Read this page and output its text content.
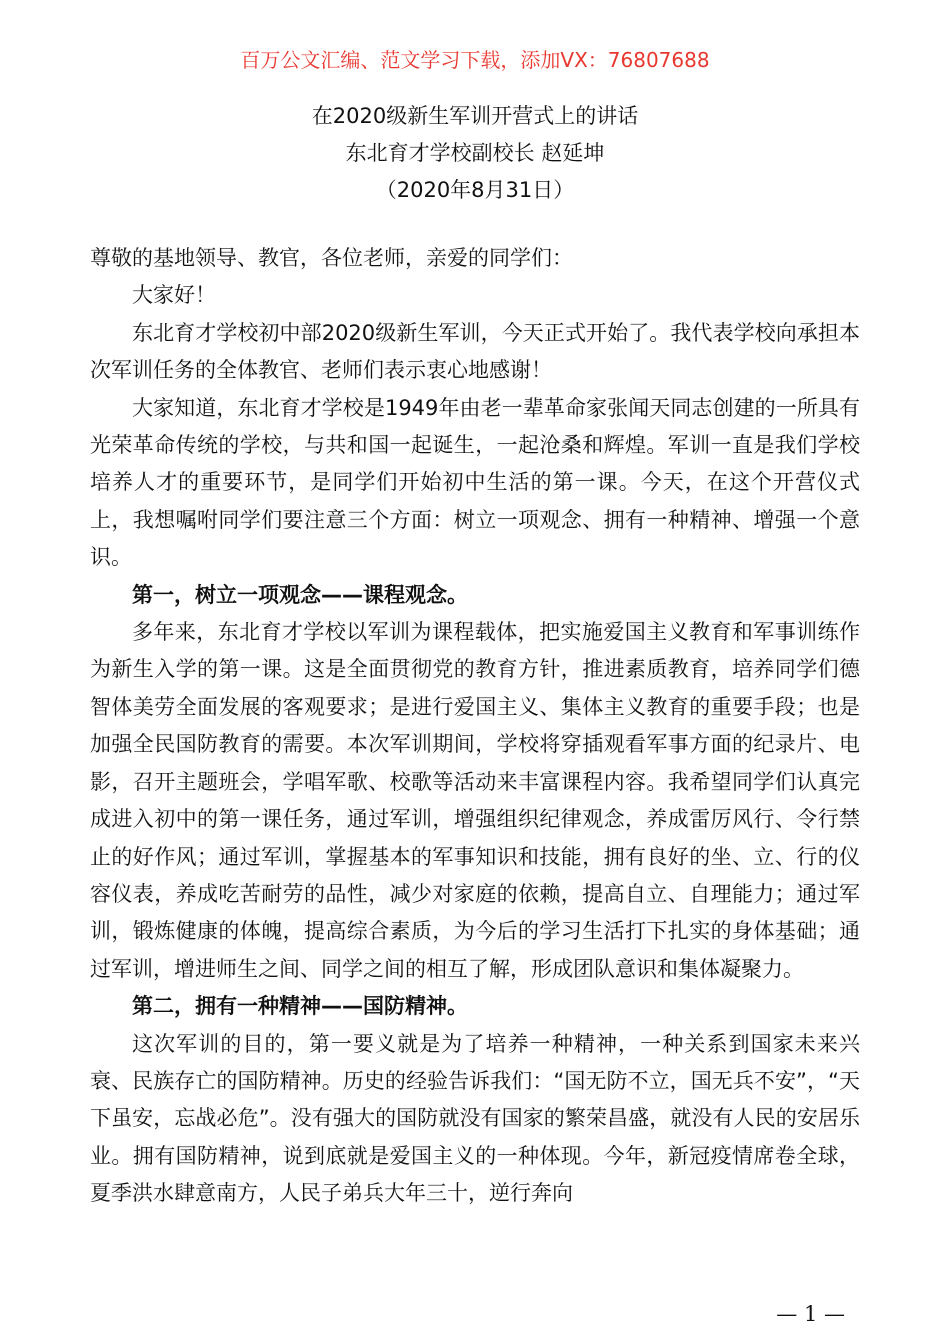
百万公文汇编、范文学习下载，添加VX：76807688
在2020级新生军训开营式上的讲话
东北育才学校副校长 赵延坤
（2020年8月31日）

尊敬的基地领导、教官，各位老师，亲爱的同学们：

大家好！

东北育才学校初中部2020级新生军训，今天正式开始了。我代表学校向承担本次军训任务的全体教官、老师们表示衷心地感谢！

大家知道，东北育才学校是1949年由老一辈革命家张闻天同志创建的一所具有光荣革命传统的学校，与共和国一起诞生，一起沧桑和辉煌。军训一直是我们学校培养人才的重要环节，是同学们开始初中生活的第一课。今天，在这个开营仪式上，我想嘱咐同学们要注意三个方面：树立一项观念、拥有一种精神、增强一个意识。

第一，树立一项观念——课程观念。

多年来，东北育才学校以军训为课程载体，把实施爱国主义教育和军事训练作为新生入学的第一课。这是全面贯彻党的教育方针，推进素质教育，培养同学们德智体美劳全面发展的客观要求；是进行爱国主义、集体主义教育的重要手段；也是加强全民国防教育的需要。本次军训期间，学校将穿插观看军事方面的纪录片、电影，召开主题班会，学唱军歌、校歌等活动来丰富课程内容。我希望同学们认真完成进入初中的第一课任务，通过军训，增强组织纪律观念，养成雷厉风行、令行禁止的好作风；通过军训，掌握基本的军事知识和技能，拥有良好的坐、立、行的仪容仪表，养成吃苦耐劳的品性，减少对家庭的依赖，提高自立、自理能力；通过军训，锻炼健康的体魄，提高综合素质，为今后的学习生活打下扎实的身体基础；通过军训，增进师生之间、同学之间的相互了解，形成团队意识和集体凝聚力。

第二，拥有一种精神——国防精神。

这次军训的目的，第一要义就是为了培养一种精神，一种关系到国家未来兴衰、民族存亡的国防精神。历史的经验告诉我们：“国无防不立，国无兵不安”，“天下虽安，忘战必危”。没有强大的国防就没有国家的繁荣昌盛，就没有人民的安居乐业。拥有国防精神，说到底就是爱国主义的一种体现。今年，新冠疫情席卷全球，夏季洪水肆意南方，人民子弟兵大年三十，逆行奔向

— 1 —
